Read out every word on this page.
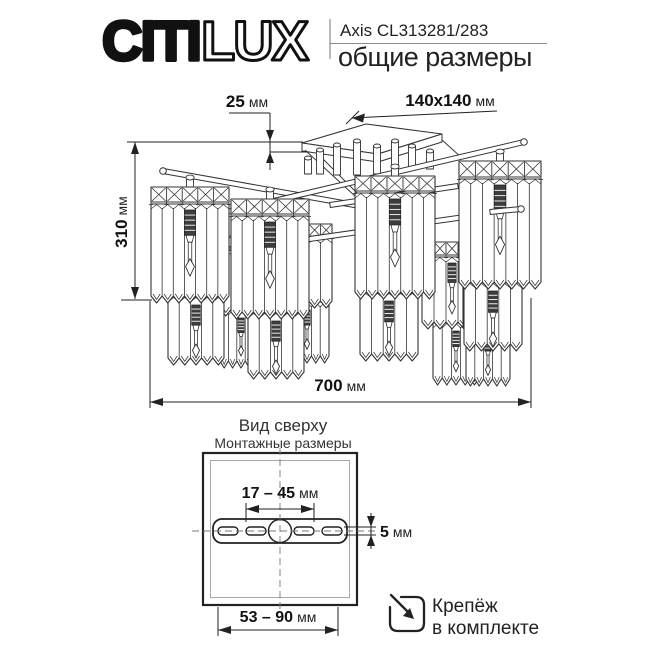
CITI LUX Axis CL313281/283
общие размеры
25 мм	140x140 мм
310мм
700 мм
Вид сверху
Монтажные размеры
17 – 45 мм
5 мм
53 – 90 мм	Крепёж
в комплекте
